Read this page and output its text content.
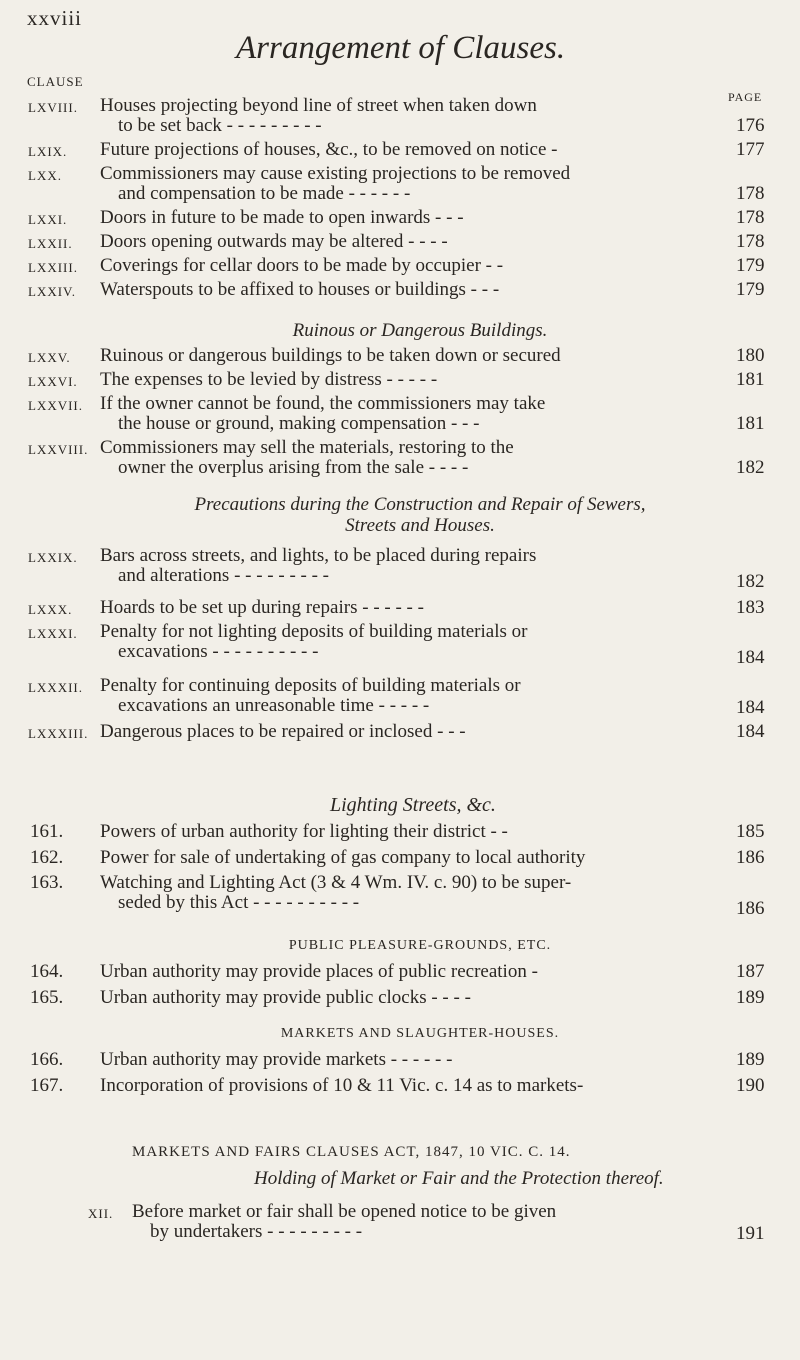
xxviii
Arrangement of Clauses.
CLAUSE
PAGE
LXVIII.	Houses projecting beyond line of street when taken down
to be set back - - - - - - - - -	176
LXIX.	Future projections of houses, &c., to be removed on notice -	177
LXX.	Commissioners may cause existing projections to be removed
and compensation to be made - - - - - -	178
LXXI.	Doors in future to be made to open inwards - - -	178
LXXII.	Doors opening outwards may be altered - - - -	178
LXXIII.	Coverings for cellar doors to be made by occupier - -	179
LXXIV.	Waterspouts to be affixed to houses or buildings - - -	179
Ruinous or Dangerous Buildings.
LXXV.	Ruinous or dangerous buildings to be taken down or secured	180
LXXVI.	The expenses to be levied by distress - - - - -	181
LXXVII. If the owner cannot be found, the commissioners may take
the house or ground, making compensation - - -	181
LXXVIII. Commissioners may sell the materials, restoring to the
owner the overplus arising from the sale - - - -	182
Precautions during the Construction and Repair of Sewers,
Streets and Houses.
LXXIX.	Bars across streets, and lights, to be placed during repairs
and alterations - - - - - - - - -	182
LXXX.	Hoards to be set up during repairs - - - - - -	183
LXXXI.	Penalty for not lighting deposits of building materials or
excavations - - - - - - - - - -	184
LXXXII. Penalty for continuing deposits of building materials or
excavations an unreasonable time - - - - -	184
LXXXIII. Dangerous places to be repaired or inclosed - - -	184
Lighting Streets, &c.
161.	Powers of urban authority for lighting their district - -	185
162.	Power for sale of undertaking of gas company to local authority	186
163.	Watching and Lighting Act (3 & 4 Wm. IV. c. 90) to be super-
seded by this Act - - - - - - - - - -	186
PUBLIC PLEASURE-GROUNDS, ETC.
164.	Urban authority may provide places of public recreation -	187
165.	Urban authority may provide public clocks - - - -	189
MARKETS AND SLAUGHTER-HOUSES.
166.	Urban authority may provide markets - - - - - -	189
167.	Incorporation of provisions of 10 & 11 Vic. c. 14 as to markets-	190
MARKETS AND FAIRS CLAUSES ACT, 1847, 10 VIC. C. 14.
Holding of Market or Fair and the Protection thereof.
XII. Before market or fair shall be opened notice to be given
by undertakers - - - - - - - - -	191
